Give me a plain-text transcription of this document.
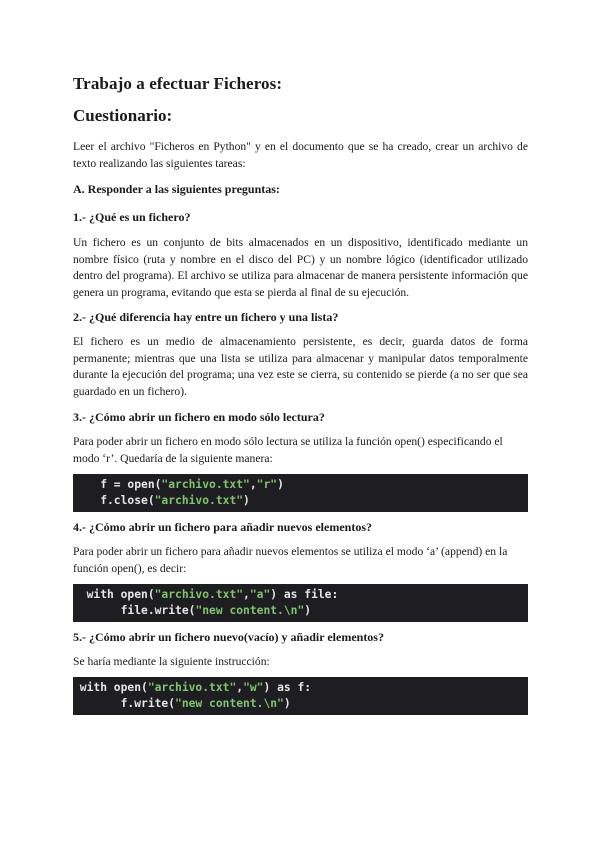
Trabajo a efectuar Ficheros:
Cuestionario:
Leer el archivo "Ficheros en Python" y en el documento que se ha creado, crear un archivo de texto realizando las siguientes tareas:
A. Responder a las siguientes preguntas:
1.- ¿Qué es un fichero?
Un fichero es un conjunto de bits almacenados en un dispositivo, identificado mediante un nombre físico (ruta y nombre en el disco del PC) y un nombre lógico (identificador utilizado dentro del programa). El archivo se utiliza para almacenar de manera persistente información que genera un programa, evitando que esta se pierda al final de su ejecución.
2.- ¿Qué diferencia hay entre un fichero y una lista?
El fichero es un medio de almacenamiento persistente, es decir, guarda datos de forma permanente; mientras que una lista se utiliza para almacenar y manipular datos temporalmente durante la ejecución del programa; una vez este se cierra, su contenido se pierde (a no ser que sea guardado en un fichero).
3.- ¿Cómo abrir un fichero en modo sólo lectura?
Para poder abrir un fichero en modo sólo lectura se utiliza la función open() especificando el modo ‘r’. Quedaría de la siguiente manera:
f = open("archivo.txt","r")
f.close("archivo.txt")
4.- ¿Cómo abrir un fichero para añadir nuevos elementos?
Para poder abrir un fichero para añadir nuevos elementos se utiliza el modo ‘a’ (append) en la función open(), es decir:
with open("archivo.txt","a") as file:
file.write("new content.\n")
5.- ¿Cómo abrir un fichero nuevo(vacío) y añadir elementos?
Se haría mediante la siguiente instrucción:
with open("archivo.txt","w") as f:
f.write("new content.\n")
